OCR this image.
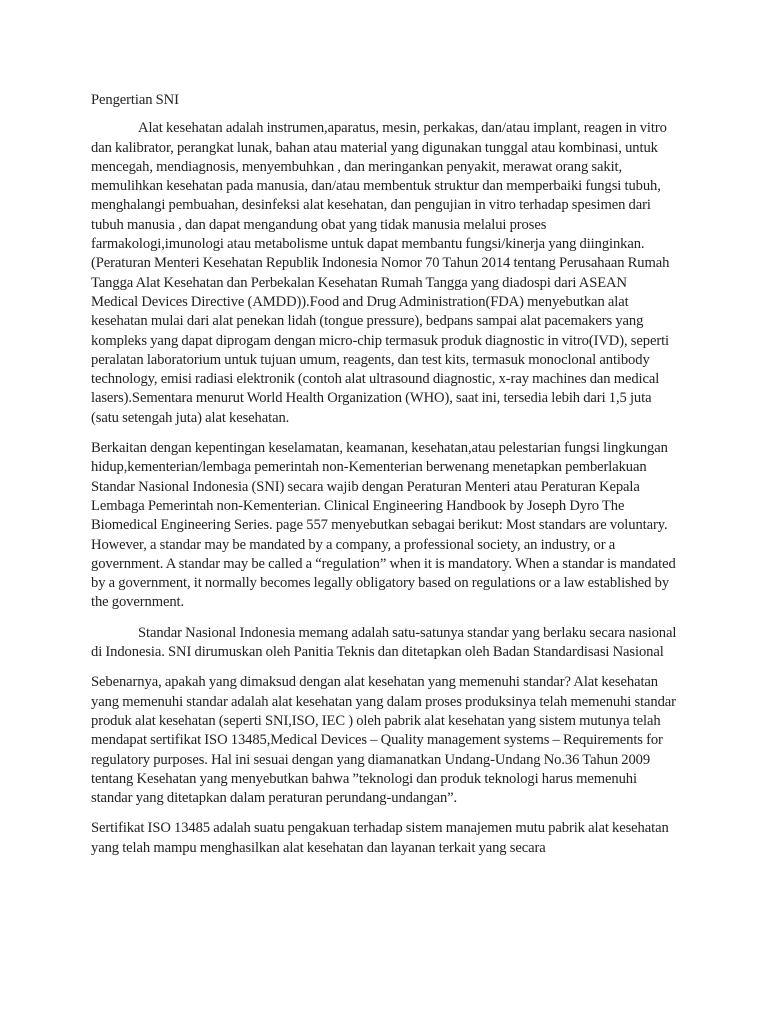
Pengertian SNI

Alat kesehatan adalah instrumen,aparatus, mesin, perkakas, dan/atau implant, reagen in vitro dan kalibrator, perangkat lunak, bahan atau material yang digunakan tunggal atau kombinasi, untuk mencegah, mendiagnosis, menyembuhkan , dan meringankan penyakit, merawat orang sakit, memulihkan kesehatan pada manusia, dan/atau membentuk struktur dan memperbaiki fungsi tubuh, menghalangi pembuahan, desinfeksi alat kesehatan, dan pengujian in vitro terhadap spesimen dari tubuh manusia , dan dapat mengandung obat yang tidak manusia melalui proses farmakologi,imunologi atau metabolisme untuk dapat membantu fungsi/kinerja yang diinginkan. (Peraturan Menteri Kesehatan Republik Indonesia Nomor 70 Tahun 2014 tentang Perusahaan Rumah Tangga Alat Kesehatan dan Perbekalan Kesehatan Rumah Tangga yang diadospi dari ASEAN Medical Devices Directive (AMDD)).Food and Drug Administration(FDA) menyebutkan alat kesehatan mulai dari alat penekan lidah (tongue pressure), bedpans sampai alat pacemakers yang kompleks yang dapat diprogam dengan micro-chip termasuk produk diagnostic in vitro(IVD), seperti peralatan laboratorium untuk tujuan umum, reagents, dan test kits, termasuk monoclonal antibody technology, emisi radiasi elektronik (contoh alat ultrasound diagnostic, x-ray machines dan medical lasers).Sementara menurut World Health Organization (WHO), saat ini, tersedia lebih dari 1,5 juta (satu setengah juta) alat kesehatan.

Berkaitan dengan kepentingan keselamatan, keamanan, kesehatan,atau pelestarian fungsi lingkungan hidup,kementerian/lembaga pemerintah non-Kementerian berwenang menetapkan pemberlakuan Standar Nasional Indonesia (SNI) secara wajib dengan Peraturan Menteri atau Peraturan Kepala Lembaga Pemerintah non-Kementerian. Clinical Engineering Handbook by Joseph Dyro The Biomedical Engineering Series. page 557 menyebutkan sebagai berikut: Most standars are voluntary. However, a standar may be mandated by a company, a professional society, an industry, or a government. A standar may be called a “regulation” when it is mandatory. When a standar is mandated by a government, it normally becomes legally obligatory based on regulations or a law established by the government.

Standar Nasional Indonesia memang adalah satu-satunya standar yang berlaku secara nasional di Indonesia. SNI dirumuskan oleh Panitia Teknis dan ditetapkan oleh Badan Standardisasi Nasional

Sebenarnya, apakah yang dimaksud dengan alat kesehatan yang memenuhi standar? Alat kesehatan yang memenuhi standar adalah alat kesehatan yang dalam proses produksinya telah memenuhi standar produk alat kesehatan (seperti SNI,ISO, IEC ) oleh pabrik alat kesehatan yang sistem mutunya telah mendapat sertifikat ISO 13485,Medical Devices – Quality management systems – Requirements for regulatory purposes. Hal ini sesuai dengan yang diamanatkan Undang-Undang No.36 Tahun 2009 tentang Kesehatan yang menyebutkan bahwa ”teknologi dan produk teknologi harus memenuhi standar yang ditetapkan dalam peraturan perundang-undangan”.

Sertifikat ISO 13485 adalah suatu pengakuan terhadap sistem manajemen mutu pabrik alat kesehatan yang telah mampu menghasilkan alat kesehatan dan layanan terkait yang secara
